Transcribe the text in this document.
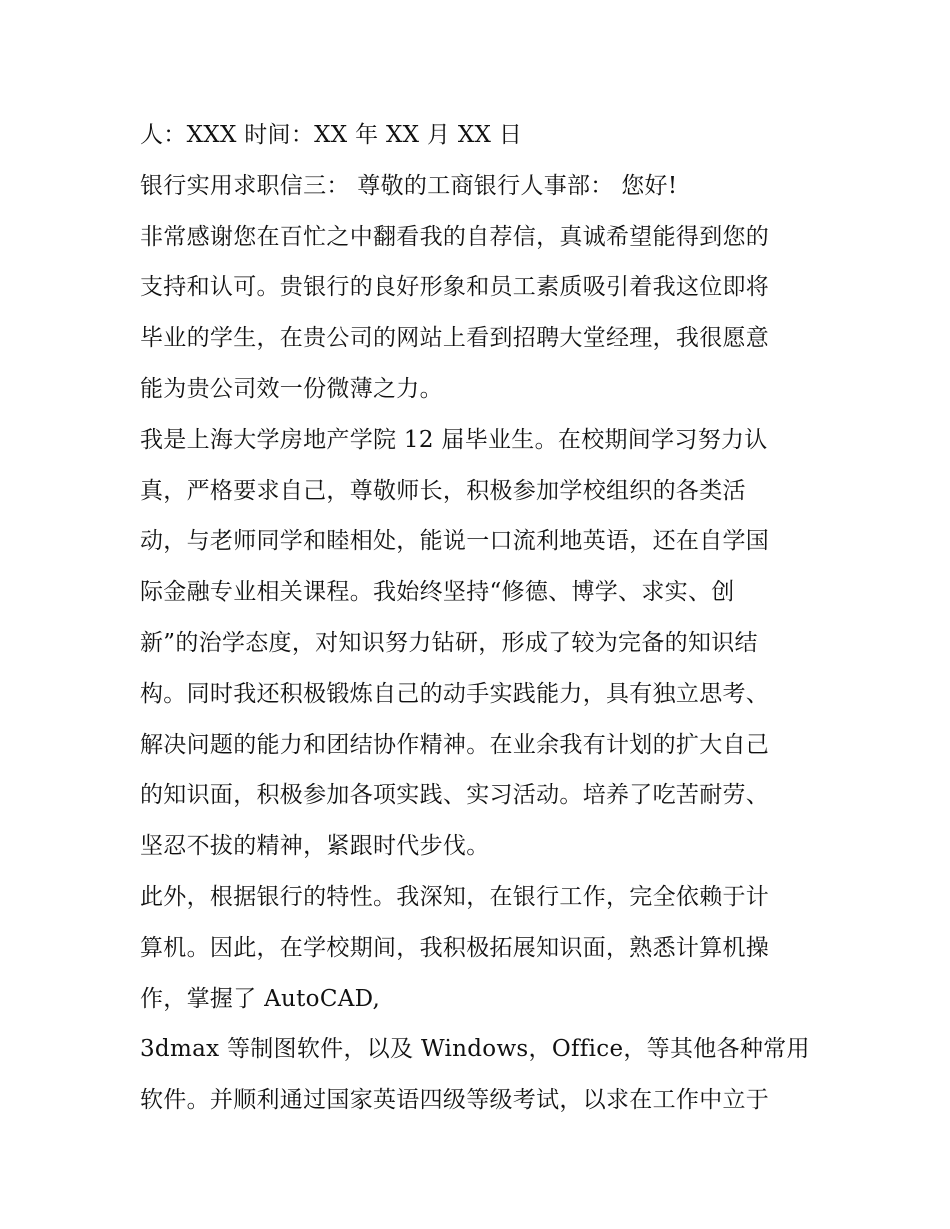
人：XXX 时间：XX 年 XX 月 XX 日
银行实用求职信三： 尊敬的工商银行人事部： 您好!
非常感谢您在百忙之中翻看我的自荐信，真诚希望能得到您的
支持和认可。贵银行的良好形象和员工素质吸引着我这位即将
毕业的学生，在贵公司的网站上看到招聘大堂经理，我很愿意
能为贵公司效一份微薄之力。
我是上海大学房地产学院 12 届毕业生。在校期间学习努力认
真，严格要求自己，尊敬师长，积极参加学校组织的各类活
动，与老师同学和睦相处，能说一口流利地英语，还在自学国
际金融专业相关课程。我始终坚持“修德、博学、求实、创
新”的治学态度，对知识努力钻研，形成了较为完备的知识结
构。同时我还积极锻炼自己的动手实践能力，具有独立思考、
解决问题的能力和团结协作精神。在业余我有计划的扩大自己
的知识面，积极参加各项实践、实习活动。培养了吃苦耐劳、
坚忍不拔的精神，紧跟时代步伐。
此外，根据银行的特性。我深知，在银行工作，完全依赖于计
算机。因此，在学校期间，我积极拓展知识面，熟悉计算机操
作，掌握了 AutoCAD,
3dmax 等制图软件，以及 Windows，Office，等其他各种常用
软件。并顺利通过国家英语四级等级考试，以求在工作中立于
